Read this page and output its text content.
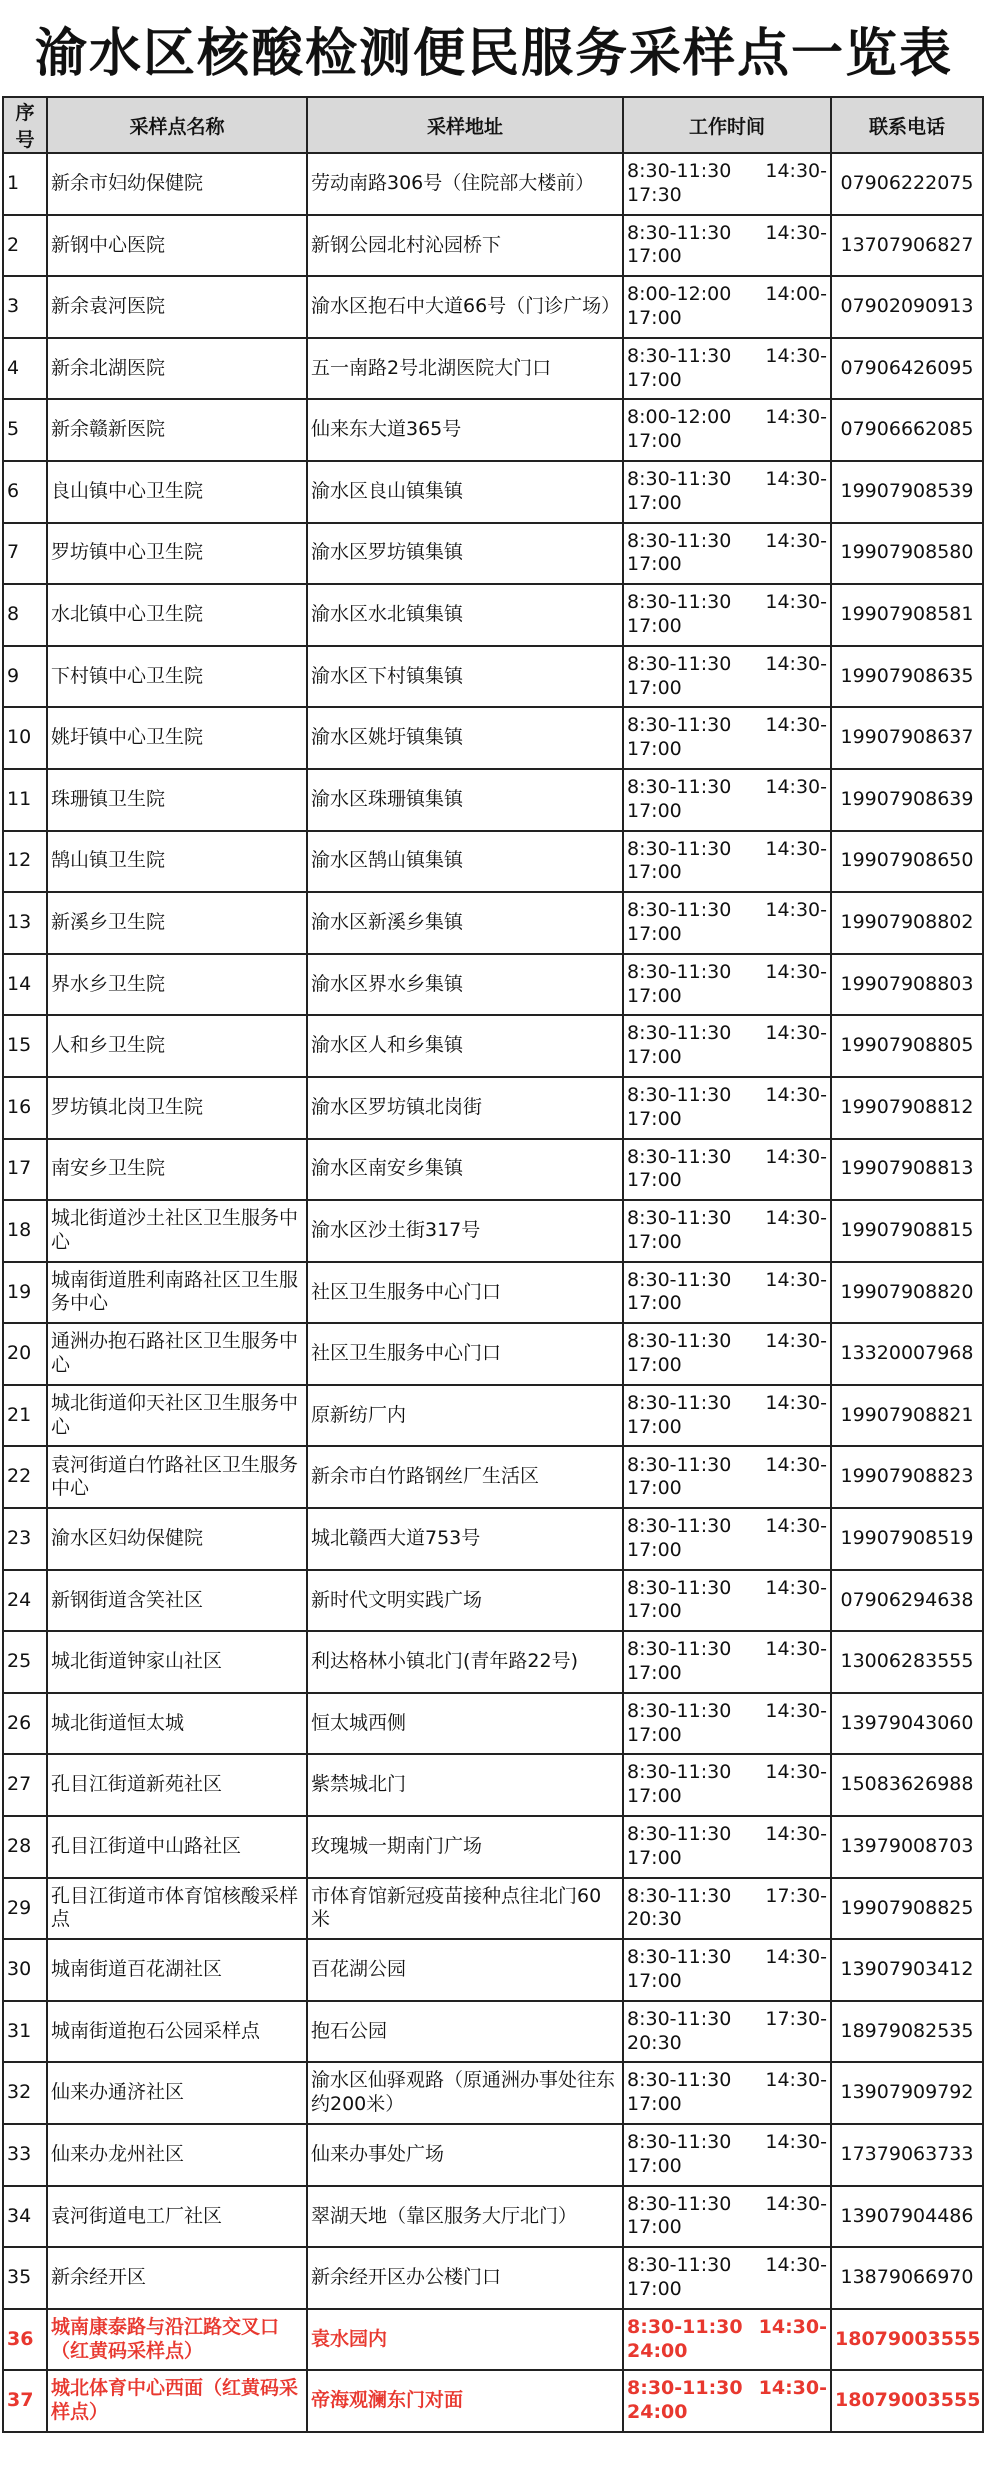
渝水区核酸检测便民服务采样点一览表
序号	采样点名称	采样地址	工作时间	联系电话
1	新余市妇幼保健院	劳动南路306号（住院部大楼前）	8:30-11:30 14:30-
17:30	07906222075
2	新钢中心医院	新钢公园北村沁园桥下	8:30-11:30 14:30-
17:00	13707906827
3	新余袁河医院	渝水区抱石中大道66号（门诊广场）	8:00-12:00 14:00-
17:00	07902090913
4	新余北湖医院	五一南路2号北湖医院大门口	8:30-11:30 14:30-
17:00	07906426095
5	新余赣新医院	仙来东大道365号	8:00-12:00 14:30-
17:00	07906662085
6	良山镇中心卫生院	渝水区良山镇集镇	8:30-11:30 14:30-
17:00	19907908539
7	罗坊镇中心卫生院	渝水区罗坊镇集镇	8:30-11:30 14:30-
17:00	19907908580
8	水北镇中心卫生院	渝水区水北镇集镇	8:30-11:30 14:30-
17:00	19907908581
9	下村镇中心卫生院	渝水区下村镇集镇	8:30-11:30 14:30-
17:00	19907908635
10	姚圩镇中心卫生院	渝水区姚圩镇集镇	8:30-11:30 14:30-
17:00	19907908637
11	珠珊镇卫生院	渝水区珠珊镇集镇	8:30-11:30 14:30-
17:00	19907908639
12	鹄山镇卫生院	渝水区鹄山镇集镇	8:30-11:30 14:30-
17:00	19907908650
13	新溪乡卫生院	渝水区新溪乡集镇	8:30-11:30 14:30-
17:00	19907908802
14	界水乡卫生院	渝水区界水乡集镇	8:30-11:30 14:30-
17:00	19907908803
15	人和乡卫生院	渝水区人和乡集镇	8:30-11:30 14:30-
17:00	19907908805
16	罗坊镇北岗卫生院	渝水区罗坊镇北岗街	8:30-11:30 14:30-
17:00	19907908812
17	南安乡卫生院	渝水区南安乡集镇	8:30-11:30 14:30-
17:00	19907908813
18	城北街道沙土社区卫生服务中心	渝水区沙土街317号	8:30-11:30 14:30-
17:00	19907908815
19	城南街道胜利南路社区卫生服务中心	社区卫生服务中心门口	8:30-11:30 14:30-
17:00	19907908820
20	通洲办抱石路社区卫生服务中心	社区卫生服务中心门口	8:30-11:30 14:30-
17:00	13320007968
21	城北街道仰天社区卫生服务中心	原新纺厂内	8:30-11:30 14:30-
17:00	19907908821
22	袁河街道白竹路社区卫生服务中心	新余市白竹路钢丝厂生活区	8:30-11:30 14:30-
17:00	19907908823
23	渝水区妇幼保健院	城北赣西大道753号	8:30-11:30 14:30-
17:00	19907908519
24	新钢街道含笑社区	新时代文明实践广场	8:30-11:30 14:30-
17:00	07906294638
25	城北街道钟家山社区	利达格林小镇北门(青年路22号)	8:30-11:30 14:30-
17:00	13006283555
26	城北街道恒太城	恒太城西侧	8:30-11:30 14:30-
17:00	13979043060
27	孔目江街道新苑社区	紫禁城北门	8:30-11:30 14:30-
17:00	15083626988
28	孔目江街道中山路社区	玫瑰城一期南门广场	8:30-11:30 14:30-
17:00	13979008703
29	孔目江街道市体育馆核酸采样点	市体育馆新冠疫苗接种点往北门60米	8:30-11:30 17:30-
20:30	19907908825
30	城南街道百花湖社区	百花湖公园	8:30-11:30 14:30-
17:00	13907903412
31	城南街道抱石公园采样点	抱石公园	8:30-11:30 17:30-
20:30	18979082535
32	仙来办通济社区	渝水区仙驿观路（原通洲办事处往东约200米）	8:30-11:30 14:30-
17:00	13907909792
33	仙来办龙州社区	仙来办事处广场	8:30-11:30 14:30-
17:00	17379063733
34	袁河街道电工厂社区	翠湖天地（靠区服务大厅北门）	8:30-11:30 14:30-
17:00	13907904486
35	新余经开区	新余经开区办公楼门口	8:30-11:30 14:30-
17:00	13879066970
36	城南康泰路与沿江路交叉口（红黄码采样点）	袁水园内	8:30-11:30 14:30-
24:00	18079003555
37	城北体育中心西面（红黄码采样点）	帝海观澜东门对面	8:30-11:30 14:30-
24:00	18079003555
